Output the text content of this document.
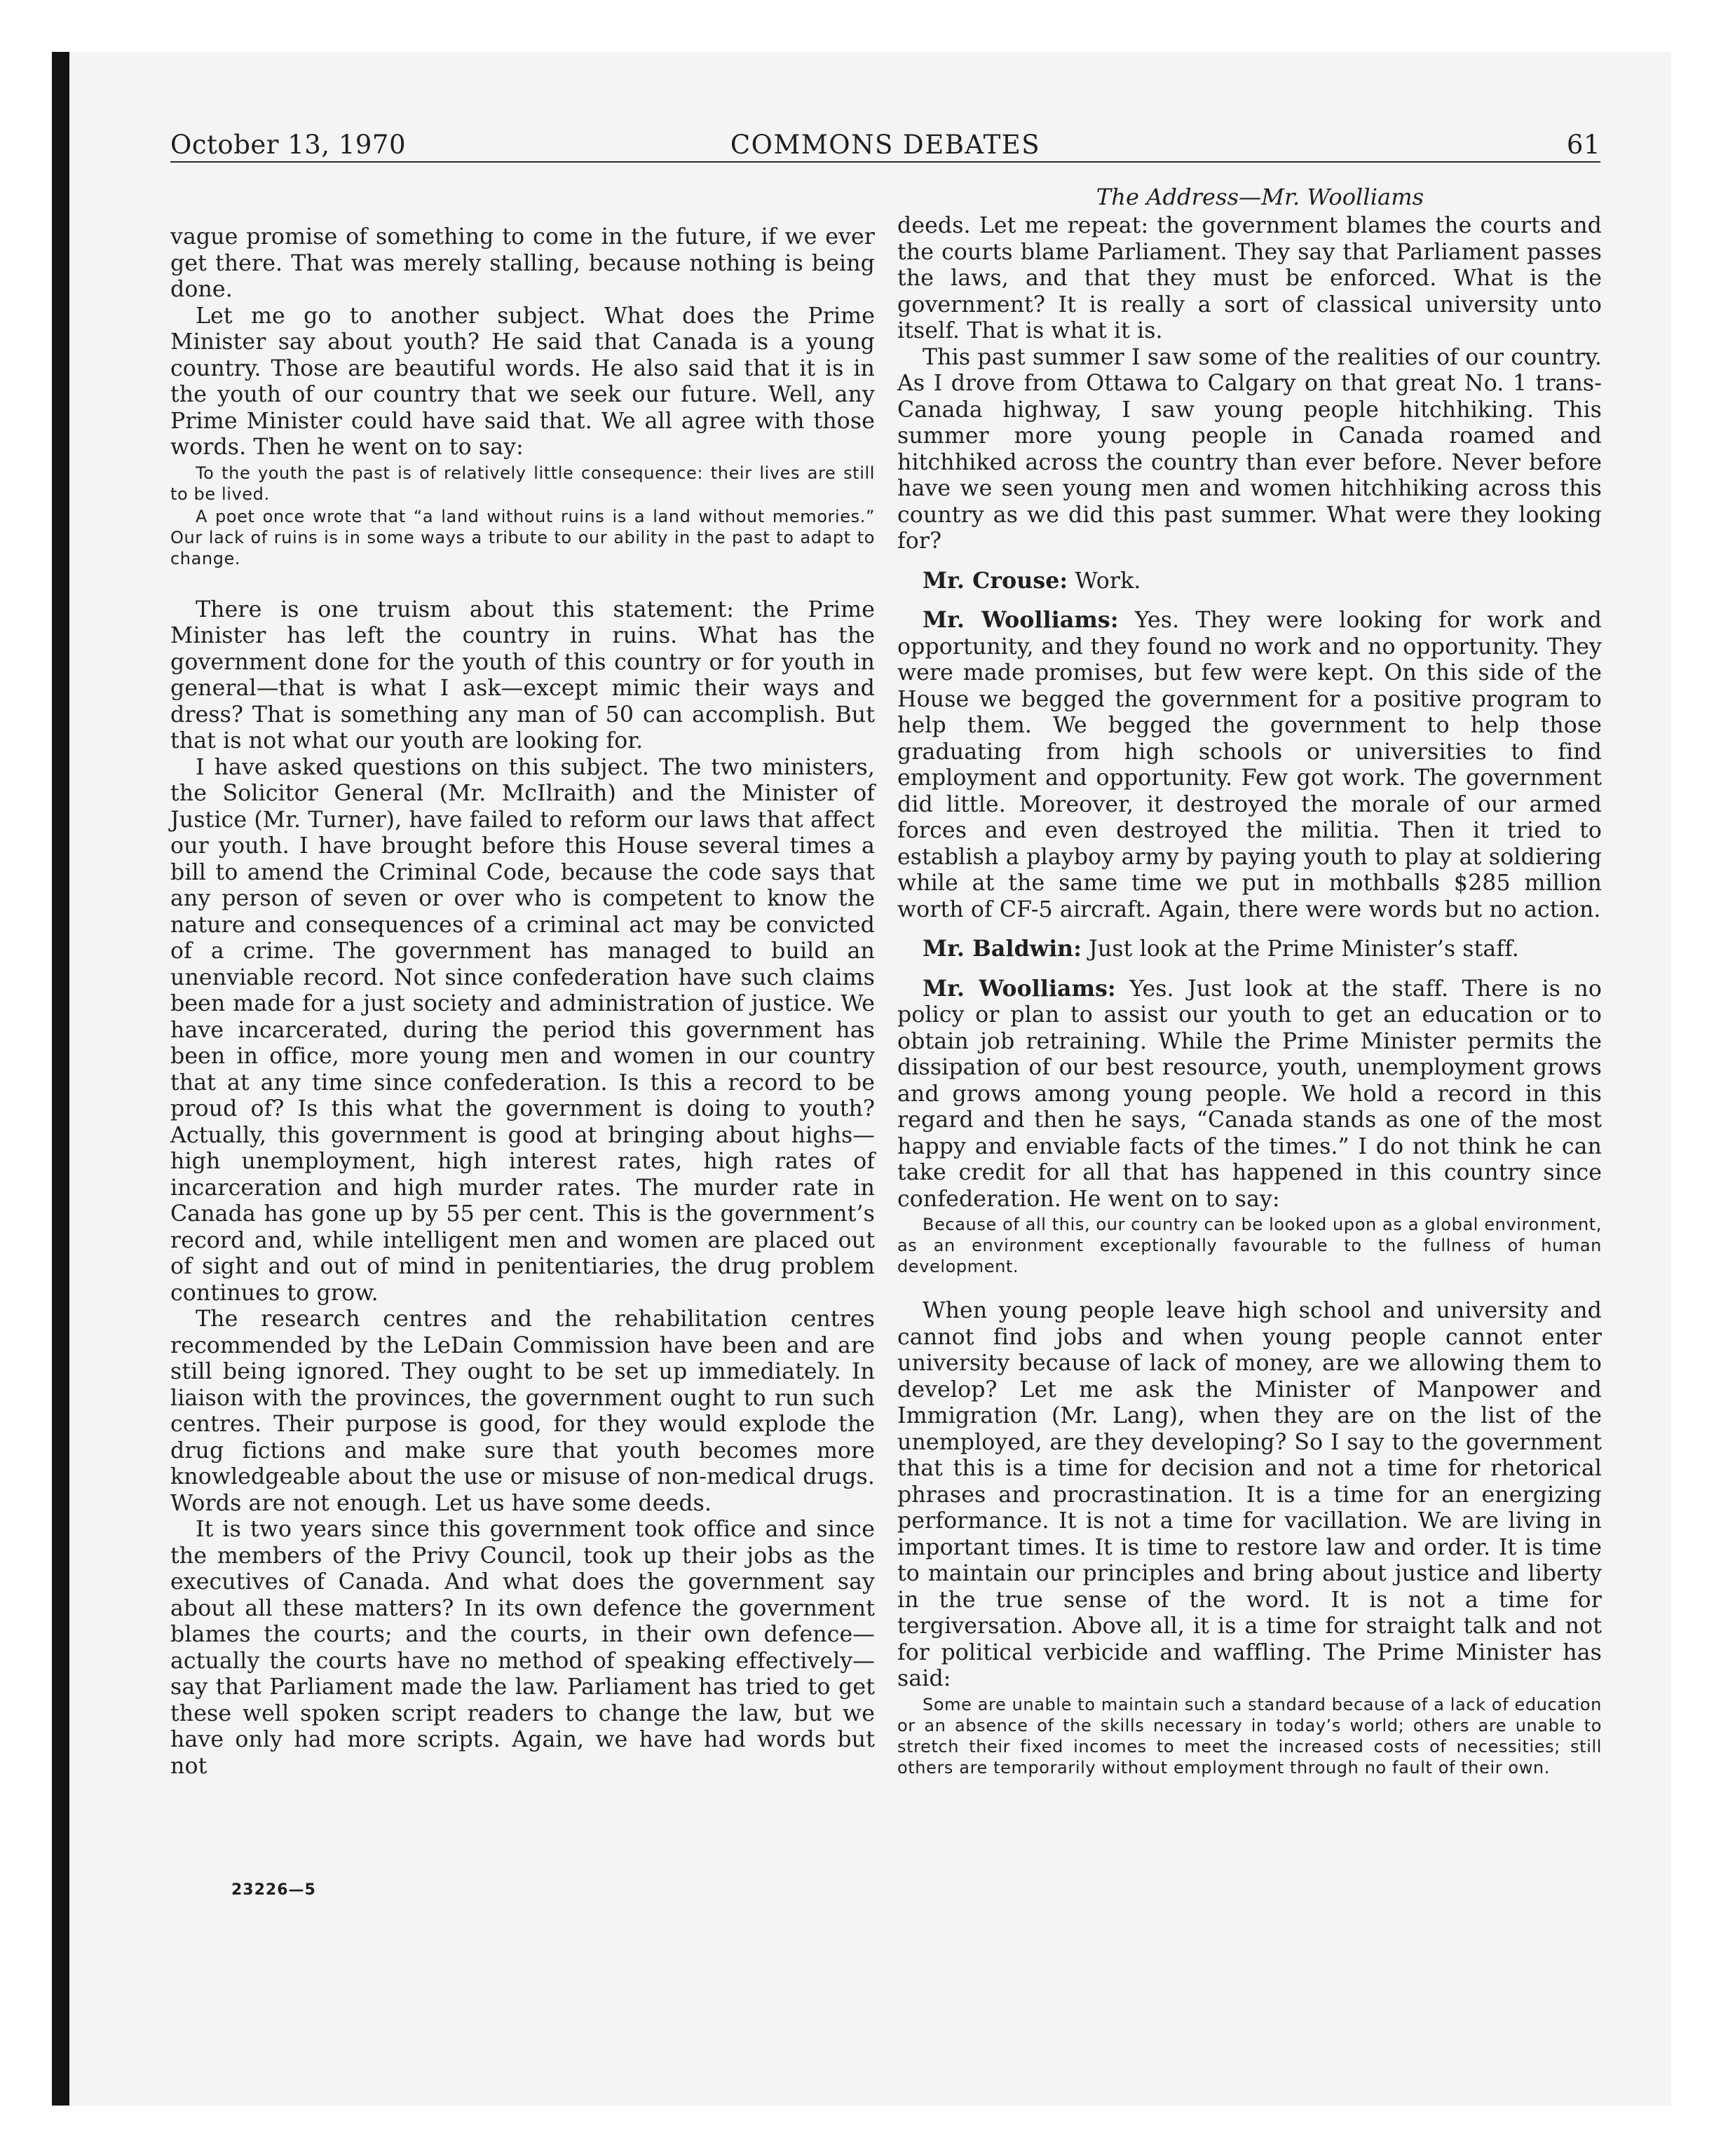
October 13, 1970	COMMONS DEBATES	61

vague promise of something to come in the future, if we ever get there. That was merely stalling, because nothing is being done.

Let me go to another subject. What does the Prime Minister say about youth? He said that Canada is a young country. Those are beautiful words. He also said that it is in the youth of our country that we seek our future. Well, any Prime Minister could have said that. We all agree with those words. Then he went on to say:

To the youth the past is of relatively little consequence: their lives are still to be lived.

A poet once wrote that “a land without ruins is a land without memories.” Our lack of ruins is in some ways a tribute to our ability in the past to adapt to change.

There is one truism about this statement: the Prime Minister has left the country in ruins. What has the government done for the youth of this country or for youth in general—that is what I ask—except mimic their ways and dress? That is something any man of 50 can accomplish. But that is not what our youth are looking for.

I have asked questions on this subject. The two ministers, the Solicitor General (Mr. McIlraith) and the Minister of Justice (Mr. Turner), have failed to reform our laws that affect our youth. I have brought before this House several times a bill to amend the Criminal Code, because the code says that any person of seven or over who is competent to know the nature and consequences of a criminal act may be convicted of a crime. The government has managed to build an unenviable record. Not since confederation have such claims been made for a just society and administration of justice. We have incarcerated, during the period this government has been in office, more young men and women in our country that at any time since confederation. Is this a record to be proud of? Is this what the government is doing to youth? Actually, this government is good at bringing about highs—high unemployment, high interest rates, high rates of incarceration and high murder rates. The murder rate in Canada has gone up by 55 per cent. This is the government’s record and, while intelligent men and women are placed out of sight and out of mind in penitentiaries, the drug problem continues to grow.

The research centres and the rehabilitation centres recommended by the LeDain Commission have been and are still being ignored. They ought to be set up immediately. In liaison with the provinces, the government ought to run such centres. Their purpose is good, for they would explode the drug fictions and make sure that youth becomes more knowledgeable about the use or misuse of non-medical drugs. Words are not enough. Let us have some deeds.

It is two years since this government took office and since the members of the Privy Council, took up their jobs as the executives of Canada. And what does the government say about all these matters? In its own defence the government blames the courts; and the courts, in their own defence—actually the courts have no method of speaking effectively—say that Parliament made the law. Parliament has tried to get these well spoken script readers to change the law, but we have only had more scripts. Again, we have had words but not

The Address—Mr. Woolliams

deeds. Let me repeat: the government blames the courts and the courts blame Parliament. They say that Parliament passes the laws, and that they must be enforced. What is the government? It is really a sort of classical university unto itself. That is what it is.

This past summer I saw some of the realities of our country. As I drove from Ottawa to Calgary on that great No. 1 trans-Canada highway, I saw young people hitchhiking. This summer more young people in Canada roamed and hitchhiked across the country than ever before. Never before have we seen young men and women hitchhiking across this country as we did this past summer. What were they looking for?

Mr. Crouse: Work.

Mr. Woolliams: Yes. They were looking for work and opportunity, and they found no work and no opportunity. They were made promises, but few were kept. On this side of the House we begged the government for a positive program to help them. We begged the government to help those graduating from high schools or universities to find employment and opportunity. Few got work. The government did little. Moreover, it destroyed the morale of our armed forces and even destroyed the militia. Then it tried to establish a playboy army by paying youth to play at soldiering while at the same time we put in mothballs $285 million worth of CF-5 aircraft. Again, there were words but no action.

Mr. Baldwin: Just look at the Prime Minister’s staff.

Mr. Woolliams: Yes. Just look at the staff. There is no policy or plan to assist our youth to get an education or to obtain job retraining. While the Prime Minister permits the dissipation of our best resource, youth, unemployment grows and grows among young people. We hold a record in this regard and then he says, “Canada stands as one of the most happy and enviable facts of the times.” I do not think he can take credit for all that has happened in this country since confederation. He went on to say:

Because of all this, our country can be looked upon as a global environment, as an environment exceptionally favourable to the fullness of human development.

When young people leave high school and university and cannot find jobs and when young people cannot enter university because of lack of money, are we allowing them to develop? Let me ask the Minister of Manpower and Immigration (Mr. Lang), when they are on the list of the unemployed, are they developing? So I say to the government that this is a time for decision and not a time for rhetorical phrases and procrastination. It is a time for an energizing performance. It is not a time for vacillation. We are living in important times. It is time to restore law and order. It is time to maintain our principles and bring about justice and liberty in the true sense of the word. It is not a time for tergiversation. Above all, it is a time for straight talk and not for political verbicide and waffling. The Prime Minister has said:

Some are unable to maintain such a standard because of a lack of education or an absence of the skills necessary in today’s world; others are unable to stretch their fixed incomes to meet the increased costs of necessities; still others are temporarily without employment through no fault of their own.

23226—5
